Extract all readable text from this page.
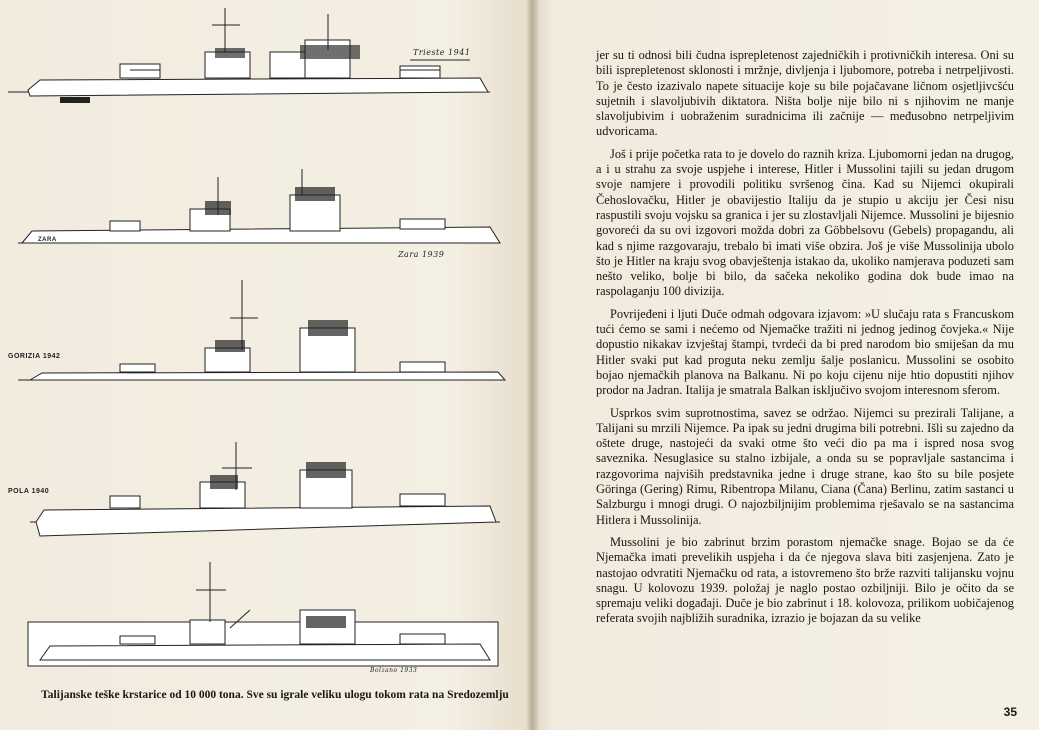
Trieste 1941
ZARA
Zara 1939
GORIZIA 1942
POLA 1940
Bolzano 1933
Talijanske teške krstarice od 10 000 tona. Sve su igrale veliku ulogu tokom rata na Sredozemlju

jer su ti odnosi bili čudna isprepletenost zajedničkih i protivničkih interesa. Oni su bili isprepletenost sklonosti i mržnje, divljenja i ljubomore, potreba i netrpeljivosti. To je često izazivalo napete situacije koje su bile pojačavane ličnom osjetljivcšću sujetnih i slavoljubivih diktatora. Ništa bolje nije bilo ni s njihovim ne manje slavoljubivim i uobraženim suradnicima ili začnije — međusobno netrpeljivim udvoricama.

Još i prije početka rata to je dovelo do raznih kriza. Ljubomorni jedan na drugog, a i u strahu za svoje uspjehe i interese, Hitler i Mussolini tajili su jedan drugom svoje namjere i provodili politiku svršenog čina. Kad su Nijemci okupirali Čehoslovačku, Hitler je obavijestio Italiju da je stupio u akciju jer Česi nisu raspustili svoju vojsku sa granica i jer su zlostavljali Nijemce. Mussolini je bijesnio govoreći da su ovi izgovori možda dobri za Göbbelsovu (Gebels) propagandu, ali kad s njime razgovaraju, trebalo bi imati više obzira. Još je više Mussolinija ubolo što je Hitler na kraju svog obavještenja istakao da, ukoliko namjerava poduzeti sam nešto veliko, bolje bi bilo, da sačeka nekoliko godina dok bude imao na raspolaganju 100 divizija.

Povrijeđeni i ljuti Duče odmah odgovara izjavom: »U slučaju rata s Francuskom tući ćemo se sami i nećemo od Njemačke tražiti ni jednog jedinog čovjeka.« Nije dopustio nikakav izvještaj štampi, tvrdeći da bi pred narodom bio smiješan da mu Hitler svaki put kad proguta neku zemlju šalje poslanicu. Mussolini se osobito bojao njemačkih planova na Balkanu. Ni po koju cijenu nije htio dopustiti njihov prodor na Jadran. Italija je smatrala Balkan isključivo svojom interesnom sferom.

Usprkos svim suprotnostima, savez se održao. Nijemci su prezirali Talijane, a Talijani su mrzili Nijemce. Pa ipak su jedni drugima bili potrebni. Išli su zajedno da oštete druge, nastojeći da svaki otme što veći dio pa ma i ispred nosa svog saveznika. Nesuglasice su stalno izbijale, a onda su se popravljale sastancima i razgovorima najviših predstavnika jedne i druge strane, kao što su bile posjete Göringa (Gering) Rimu, Ribentropa Milanu, Ciana (Čana) Berlinu, zatim sastanci u Salzburgu i mnogi drugi. O najozbiljnijim problemima rješavalo se na sastancima Hitlera i Mussolinija.

Mussolini je bio zabrinut brzim porastom njemačke snage. Bojao se da će Njemačka imati prevelikih uspjeha i da će njegova slava biti zasjenjena. Zato je nastojao odvratiti Njemačku od rata, a istovremeno što brže razviti talijansku vojnu snagu. U kolovozu 1939. položaj je naglo postao ozbiljniji. Bilo je očito da se spremaju veliki događaji. Duče je bio zabrinut i 18. kolovoza, prilikom uobičajenog referata svojih najbližih suradnika, izrazio je bojazan da su velike

35
